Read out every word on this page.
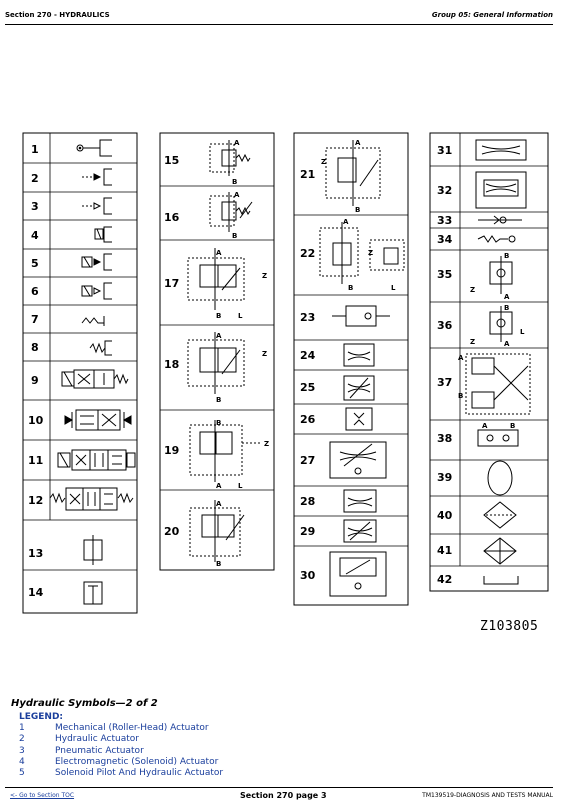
Section 270 - HYDRAULICS	Group 05: General Information
1
2
3
4
5
6
7
8
9
10
11
12
13
14
15
16
17
18
19
20
21
22
23
24
25
26
27
28
29
30
31
32
33
34
35
36
37
38
39
40
41
42
A
B
A
B
A
B L
Z
A
B
Z
B
A L
Z
A
B
A
B
Z
A
B	L
Z	B
A
Z
B
A
Z
L
A
B
A	B
Z103805
Hydraulic Symbols—2 of 2
LEGEND:
1	Mechanical (Roller-Head) Actuator
2	Hydraulic Actuator
3	Pneumatic Actuator
4	Electromagnetic (Solenoid) Actuator
5	Solenoid Pilot And Hydraulic Actuator
<- Go to Section TOC	Section 270 page 3	TM139519-DIAGNOSIS AND TESTS MANUAL
